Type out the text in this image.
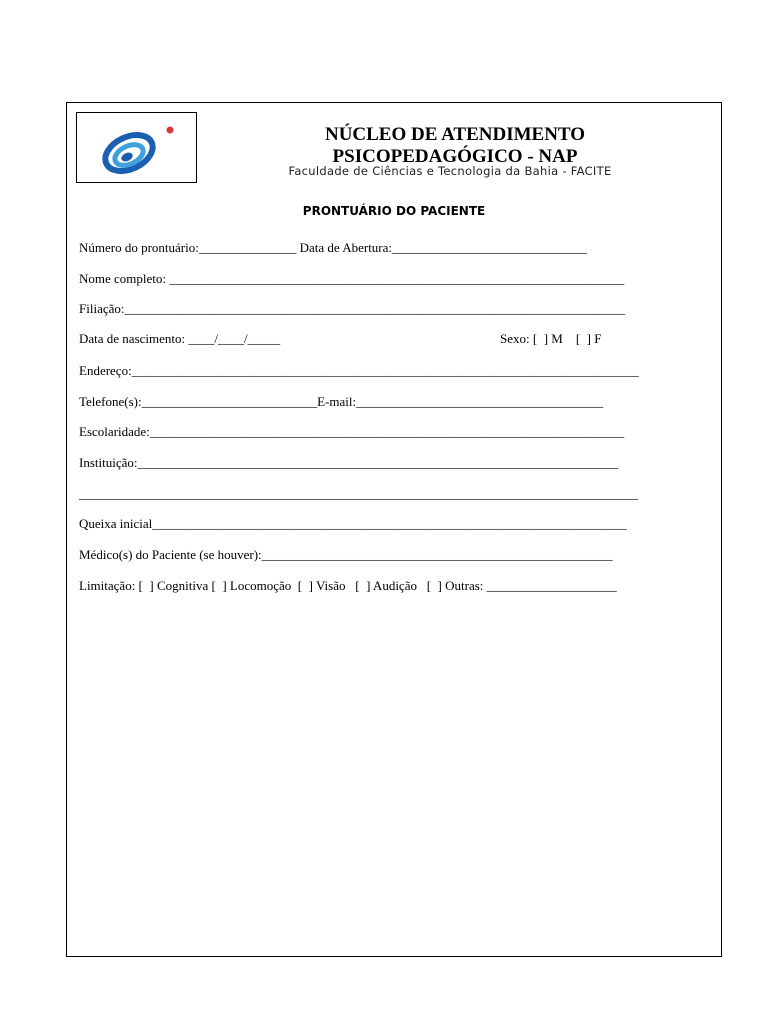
NÚCLEO DE ATENDIMENTO
PSICOPEDAGÓGICO - NAP
Faculdade de Ciências e Tecnologia da Bahia - FACITE
PRONTUÁRIO DO PACIENTE
Número do prontuário:_______________ Data de Abertura:______________________________
Nome completo: ______________________________________________________________________
Filiação:_____________________________________________________________________________
Data de nascimento: ____/____/_____	Sexo: [  ] M    [  ] F
Endereço:______________________________________________________________________________
Telefone(s):___________________________E-mail:______________________________________
Escolaridade:_________________________________________________________________________
Instituição:__________________________________________________________________________
______________________________________________________________________________________
Queixa inicial_________________________________________________________________________
Médico(s) do Paciente (se houver):______________________________________________________
Limitação: [  ] Cognitiva [  ] Locomoção  [  ] Visão   [  ] Audição   [  ] Outras: ____________________
